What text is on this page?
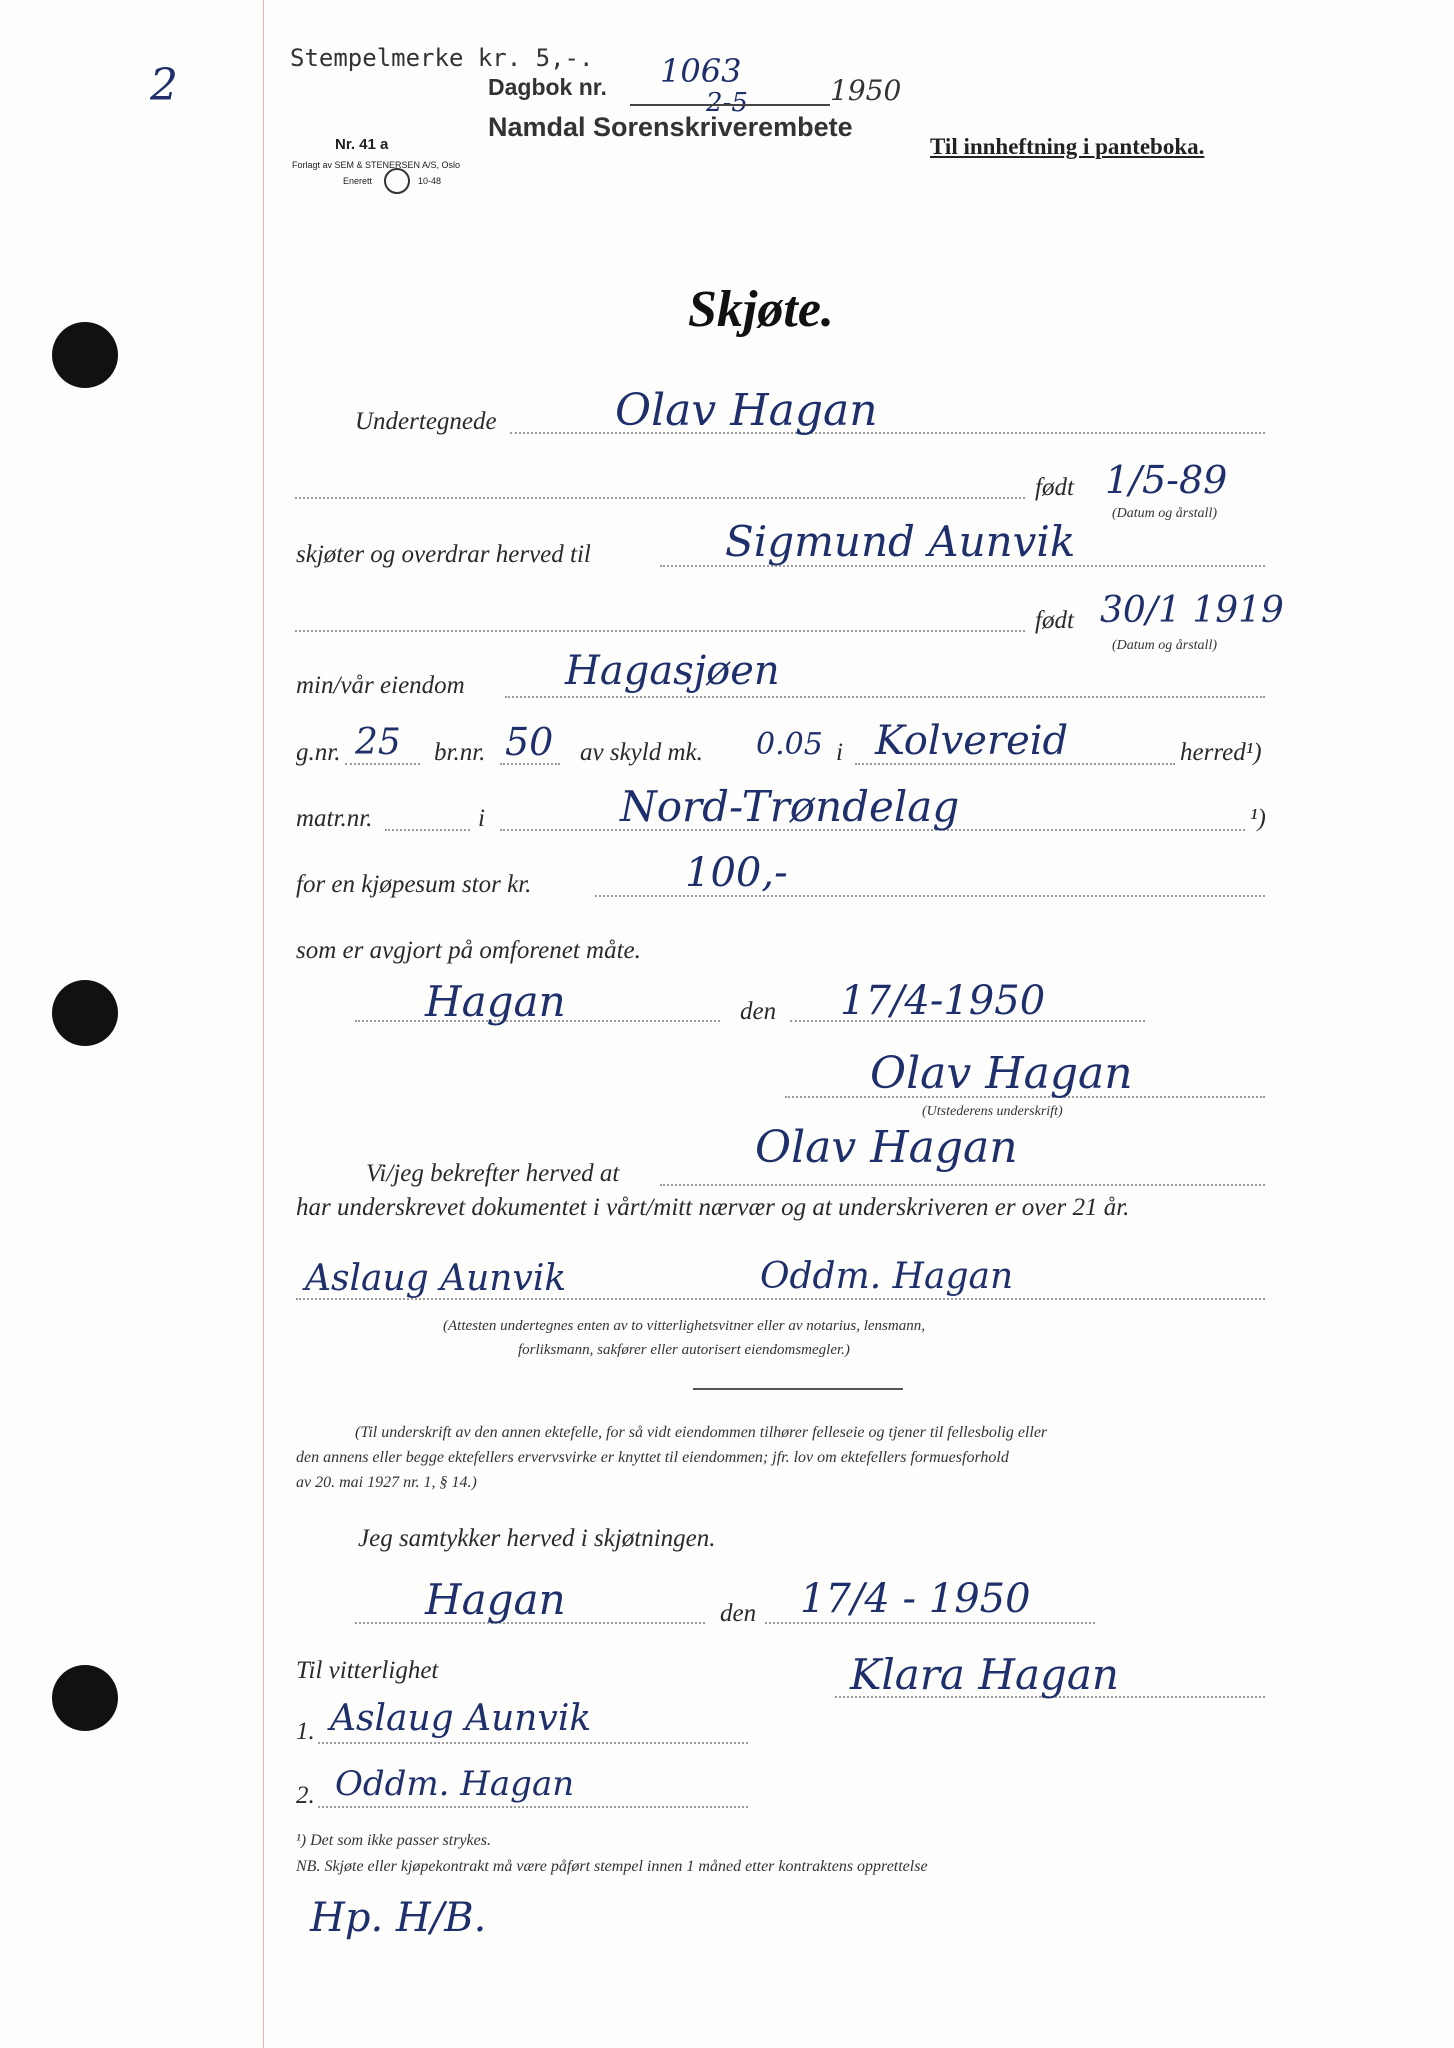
2
Stempelmerke kr. 5,-.
Dagbok nr. 1063
2-5	1950
Namdal Sorenskriverembete
Nr. 41 a
Forlagt av SEM & STENERSEN A/S, Oslo
Enerett	10-48
Til innheftning i panteboka.
Skjøte.
Undertegnede	Olav Hagan
født 1/5-89
(Datum og årstall)
skjøter og overdrar herved til	Sigmund Aunvik
født 30/1 1919
(Datum og årstall)
min/vår eiendom	Hagasjøen
g.nr. 25 br.nr. 50 av skyld mk. 0.05 i Kolvereid	herred¹)
matr.nr.	i	Nord-Trøndelag	¹)
for en kjøpesum stor kr.	100,-
som er avgjort på omforenet måte.
Hagan	den 17/4-1950
Olav Hagan
(Utstederens underskrift)
Vi/jeg bekrefter herved at
Olav Hagan
har underskrevet dokumentet i vårt/mitt nærvær og at underskriveren er over 21 år.
Aslaug Aunvik	Oddm. Hagan
(Attesten undertegnes enten av to vitterlighetsvitner eller av notarius, lensmann,
forliksmann, sakfører eller autorisert eiendomsmegler.)
(Til underskrift av den annen ektefelle, for så vidt eiendommen tilhører felleseie og tjener til fellesbolig eller
den annens eller begge ektefellers ervervsvirke er knyttet til eiendommen; jfr. lov om ektefellers formuesforhold
av 20. mai 1927 nr. 1, § 14.)
Jeg samtykker herved i skjøtningen.
Hagan	den 17/4 - 1950
Til vitterlighet	Klara Hagan
1. Aslaug Aunvik
2. Oddm. Hagan
¹) Det som ikke passer strykes.
NB. Skjøte eller kjøpekontrakt må være påført stempel innen 1 måned etter kontraktens opprettelse
Hp. H/B.
